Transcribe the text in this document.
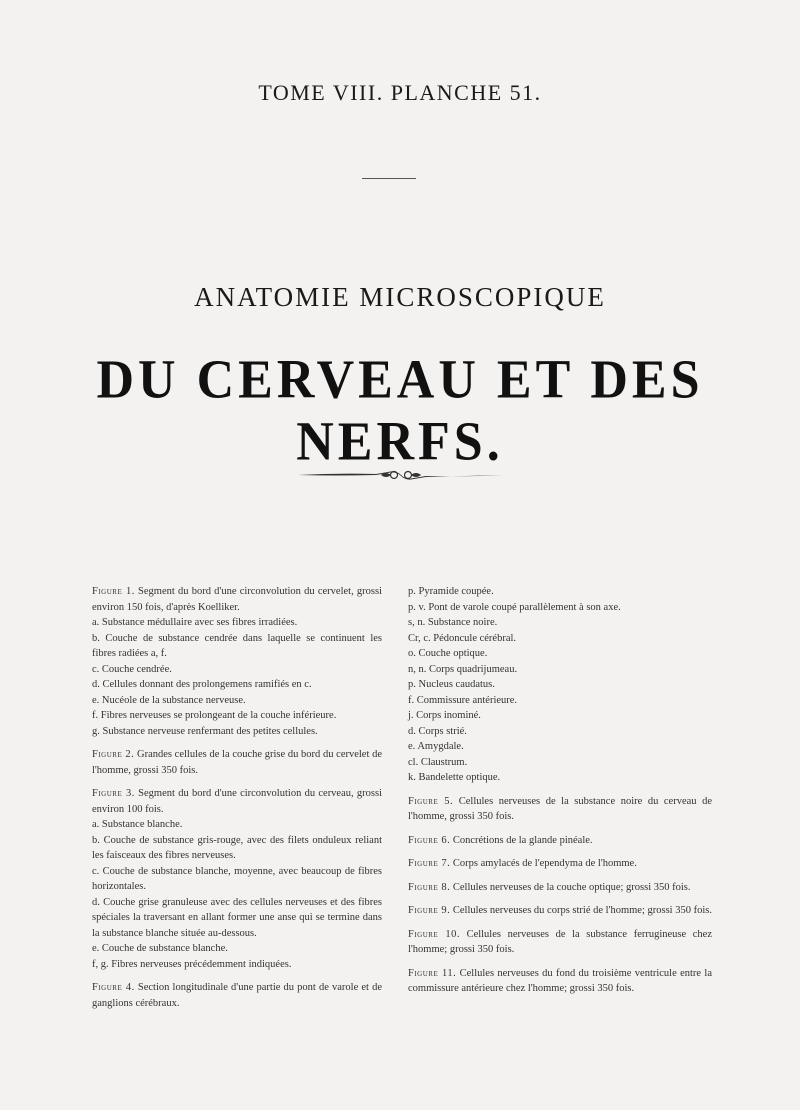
TOME VIII. PLANCHE 51.
ANATOMIE MICROSCOPIQUE
DU CERVEAU ET DES NERFS.

Figure 1. Segment du bord d'une circonvolution du cervelet, grossi environ 150 fois, d'après Koelliker.

a. Substance médullaire avec ses fibres irradiées.

b. Couche de substance cendrée dans laquelle se continuent les fibres radiées a, f.

c. Couche cendrée.

d. Cellules donnant des prolongemens ramifiés en c.

e. Nucéole de la substance nerveuse.

f. Fibres nerveuses se prolongeant de la couche inférieure.

g. Substance nerveuse renfermant des petites cellules.

Figure 2. Grandes cellules de la couche grise du bord du cervelet de l'homme, grossi 350 fois.

Figure 3. Segment du bord d'une circonvolution du cerveau, grossi environ 100 fois.

a. Substance blanche.

b. Couche de substance gris-rouge, avec des filets onduleux reliant les faisceaux des fibres nerveuses.

c. Couche de substance blanche, moyenne, avec beaucoup de fibres horizontales.

d. Couche grise granuleuse avec des cellules nerveuses et des fibres spéciales la traversant en allant former une anse qui se termine dans la substance blanche située au-dessous.

e. Couche de substance blanche.

f, g. Fibres nerveuses précédemment indiquées.

Figure 4. Section longitudinale d'une partie du pont de varole et de ganglions cérébraux.

p. Pyramide coupée.

p. v. Pont de varole coupé parallèlement à son axe.

s, n. Substance noire.

Cr, c. Pédoncule cérébral.

o. Couche optique.

n, n. Corps quadrijumeau.

p. Nucleus caudatus.

f. Commissure antérieure.

j. Corps inominé.

d. Corps strié.

e. Amygdale.

cl. Claustrum.

k. Bandelette optique.

Figure 5. Cellules nerveuses de la substance noire du cerveau de l'homme, grossi 350 fois.

Figure 6. Concrétions de la glande pinéale.

Figure 7. Corps amylacés de l'ependyma de l'homme.

Figure 8. Cellules nerveuses de la couche optique; grossi 350 fois.

Figure 9. Cellules nerveuses du corps strié de l'homme; grossi 350 fois.

Figure 10. Cellules nerveuses de la substance ferrugineuse chez l'homme; grossi 350 fois.

Figure 11. Cellules nerveuses du fond du troisième ventricule entre la commissure antérieure chez l'homme; grossi 350 fois.
